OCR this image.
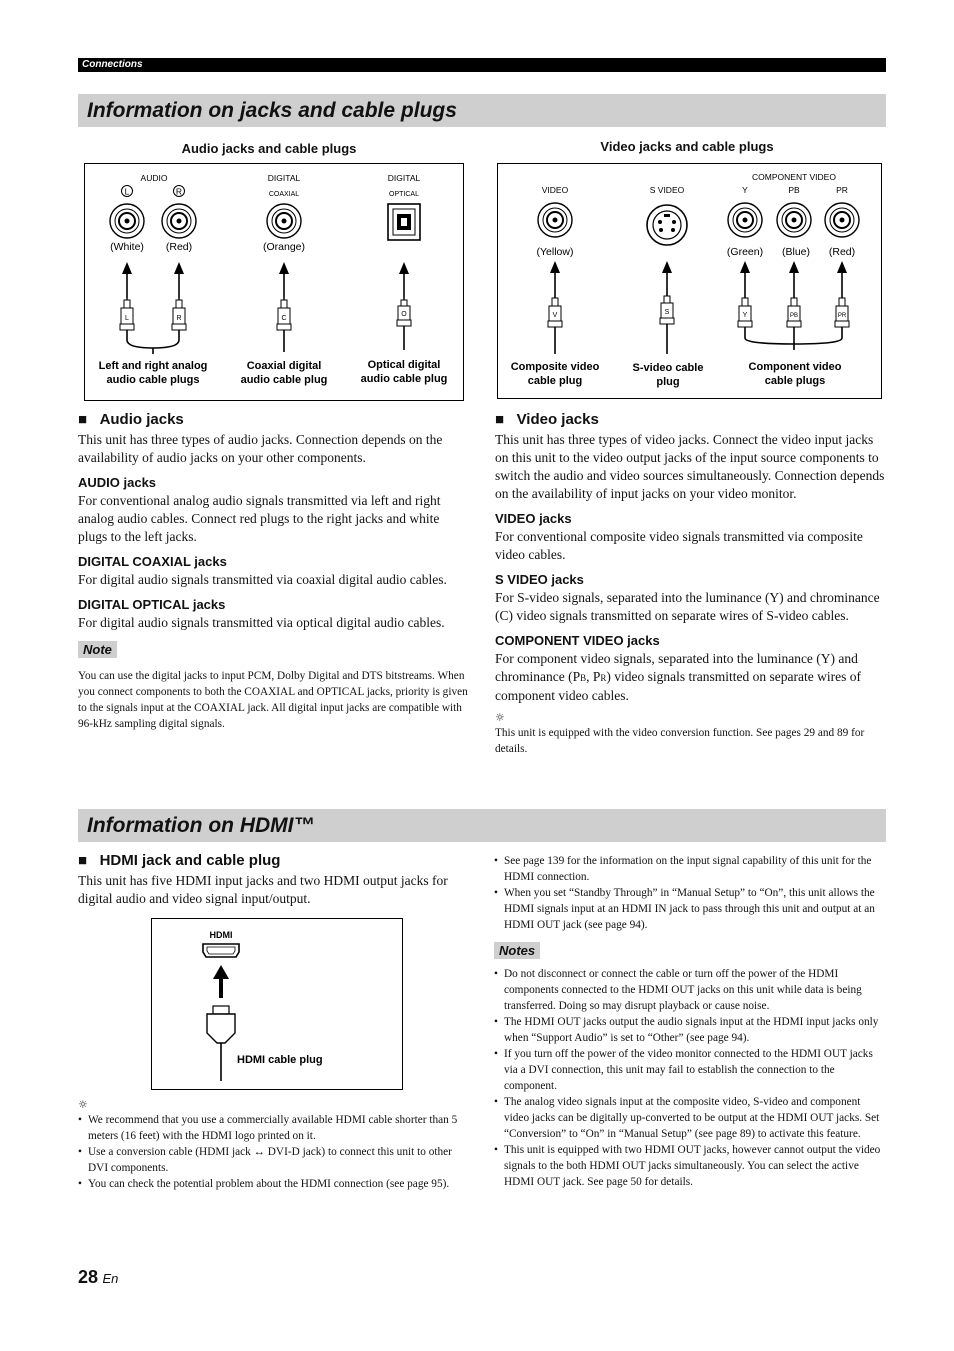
Connections
Information on jacks and cable plugs
Audio jacks and cable plugs
AUDIO	DIGITAL
COAXIAL
DIGITAL
OPTICAL
L	R
(White) (Red)	(Orange)
L	R	C
O
Left and right analog
audio cable plugs
Coaxial digital
audio cable plug
Optical digital
audio cable plug
Video jacks and cable plugs
VIDEO	S VIDEO
COMPONENT VIDEO
Y	PB	PR
(Yellow)	(Green) (Blue) (Red)
V	S	Y	PB	PR
Composite video
cable plug
S-video cable
plug
Component video
cable plugs
■   Audio jacks

This unit has three types of audio jacks. Connection depends on the availability of audio jacks on your other components.

AUDIO jacks

For conventional analog audio signals transmitted via left and right analog audio cables. Connect red plugs to the right jacks and white plugs to the left jacks.

DIGITAL COAXIAL jacks

For digital audio signals transmitted via coaxial digital audio cables.

DIGITAL OPTICAL jacks

For digital audio signals transmitted via optical digital audio cables.

Note

You can use the digital jacks to input PCM, Dolby Digital and DTS bitstreams. When you connect components to both the COAXIAL and OPTICAL jacks, priority is given to the signals input at the COAXIAL jack. All digital input jacks are compatible with 96-kHz sampling digital signals.

■   Video jacks

This unit has three types of video jacks. Connect the video input jacks on this unit to the video output jacks of the input source components to switch the audio and video sources simultaneously. Connection depends on the availability of input jacks on your video monitor.

VIDEO jacks

For conventional composite video signals transmitted via composite video cables.

S VIDEO jacks

For S-video signals, separated into the luminance (Y) and chrominance (C) video signals transmitted on separate wires of S-video cables.

COMPONENT VIDEO jacks

For component video signals, separated into the luminance (Y) and chrominance (PB, PR) video signals transmitted on separate wires of component video cables.

☼

This unit is equipped with the video conversion function. See pages 29 and 89 for details.

Information on HDMI™
■   HDMI jack and cable plug

This unit has five HDMI input jacks and two HDMI output jacks for digital audio and video signal input/output.

HDMI
HDMI cable plug
☼
• We recommend that you use a commercially available HDMI cable shorter than 5 meters (16 feet) with the HDMI logo printed on it.
• Use a conversion cable (HDMI jack ↔ DVI-D jack) to connect this unit to other DVI components.
• You can check the potential problem about the HDMI connection (see page 95).
• See page 139 for the information on the input signal capability of this unit for the HDMI connection.
• When you set “Standby Through” in “Manual Setup” to “On”, this unit allows the HDMI signals input at an HDMI IN jack to pass through this unit and output at an HDMI OUT jack (see page 94).
Notes
• Do not disconnect or connect the cable or turn off the power of the HDMI components connected to the HDMI OUT jacks on this unit while data is being transferred. Doing so may disrupt playback or cause noise.
• The HDMI OUT jacks output the audio signals input at the HDMI input jacks only when “Support Audio” is set to “Other” (see page 94).
• If you turn off the power of the video monitor connected to the HDMI OUT jacks via a DVI connection, this unit may fail to establish the connection to the component.
• The analog video signals input at the composite video, S-video and component video jacks can be digitally up-converted to be output at the HDMI OUT jacks. Set “Conversion” to “On” in “Manual Setup” (see page 89) to activate this feature.
• This unit is equipped with two HDMI OUT jacks, however cannot output the video signals to the both HDMI OUT jacks simultaneously. You can select the active HDMI OUT jack. See page 50 for details.
28 En
